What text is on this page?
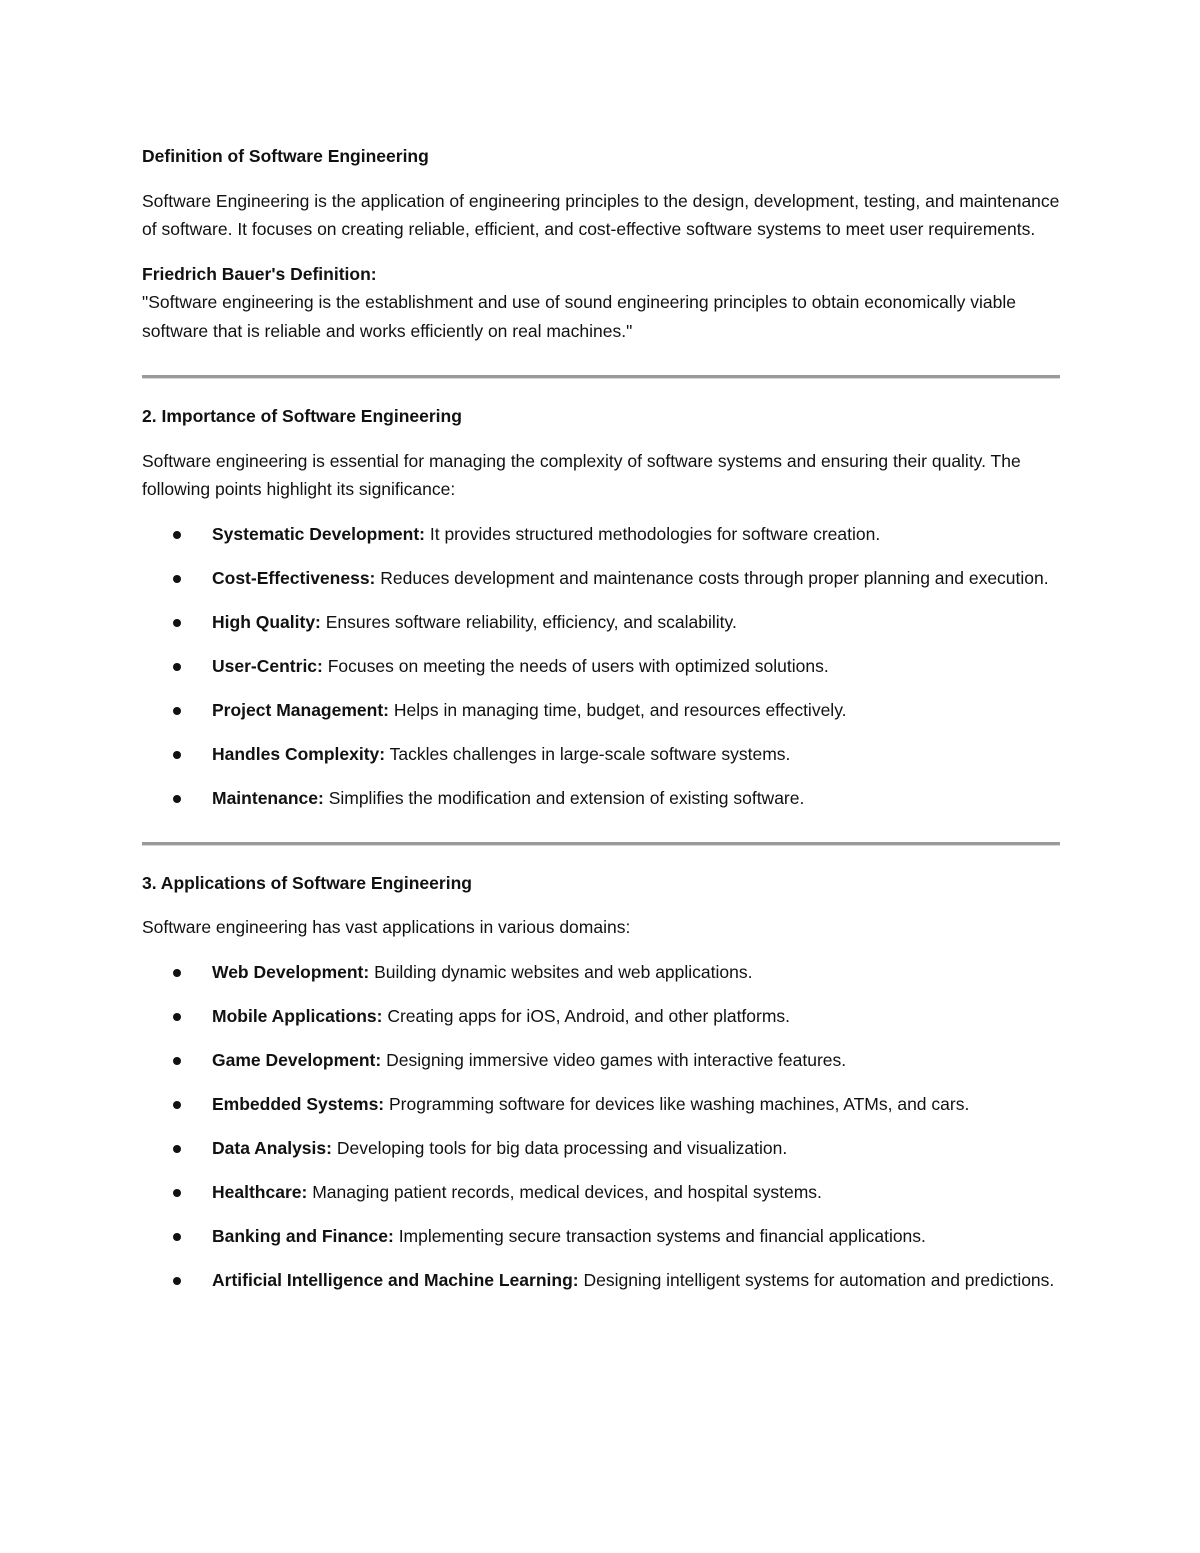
Definition of Software Engineering

Software Engineering is the application of engineering principles to the design, development, testing, and maintenance of software. It focuses on creating reliable, efficient, and cost-effective software systems to meet user requirements.

Friedrich Bauer's Definition:
"Software engineering is the establishment and use of sound engineering principles to obtain economically viable software that is reliable and works efficiently on real machines."

2. Importance of Software Engineering

Software engineering is essential for managing the complexity of software systems and ensuring their quality. The following points highlight its significance:

Systematic Development: It provides structured methodologies for software creation.
Cost-Effectiveness: Reduces development and maintenance costs through proper planning and execution.
High Quality: Ensures software reliability, efficiency, and scalability.
User-Centric: Focuses on meeting the needs of users with optimized solutions.
Project Management: Helps in managing time, budget, and resources effectively.
Handles Complexity: Tackles challenges in large-scale software systems.
Maintenance: Simplifies the modification and extension of existing software.

3. Applications of Software Engineering

Software engineering has vast applications in various domains:

Web Development: Building dynamic websites and web applications.
Mobile Applications: Creating apps for iOS, Android, and other platforms.
Game Development: Designing immersive video games with interactive features.
Embedded Systems: Programming software for devices like washing machines, ATMs, and cars.
Data Analysis: Developing tools for big data processing and visualization.
Healthcare: Managing patient records, medical devices, and hospital systems.
Banking and Finance: Implementing secure transaction systems and financial applications.
Artificial Intelligence and Machine Learning: Designing intelligent systems for automation and predictions.
